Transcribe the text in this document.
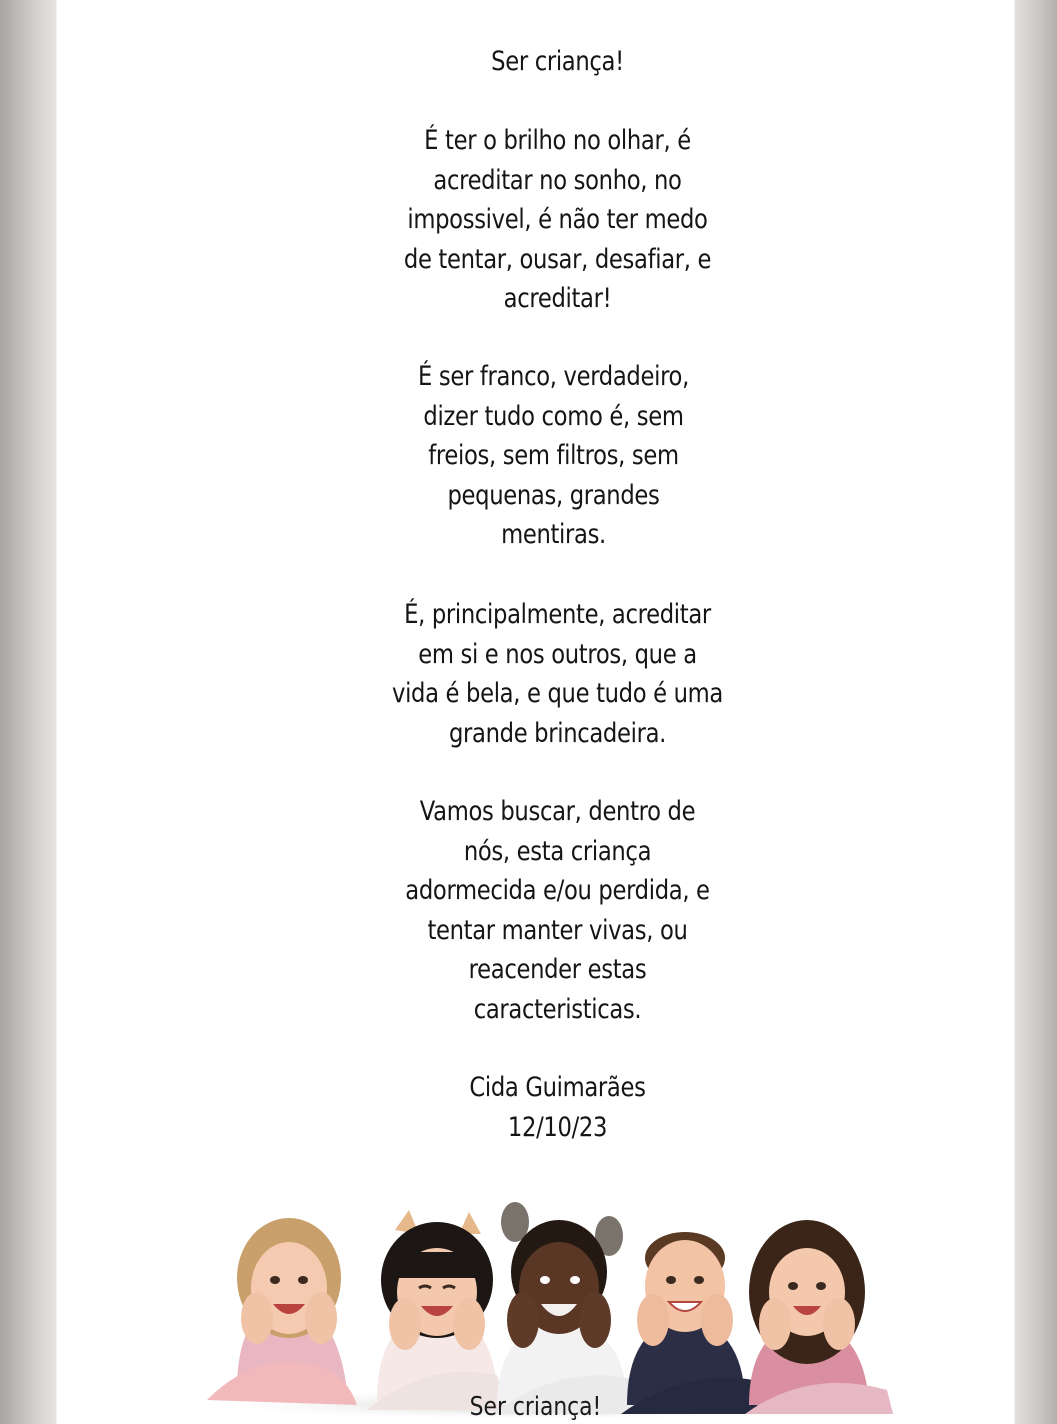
Ser criança!
É ter o brilho no olhar, é
acreditar no sonho, no
impossivel, é não ter medo
de tentar, ousar, desafiar, e
acreditar!
É ser franco, verdadeiro,
dizer tudo como é, sem
freios, sem filtros, sem
pequenas, grandes
mentiras.
É, principalmente, acreditar
em si e nos outros, que a
vida é bela, e que tudo é uma
grande brincadeira.
Vamos buscar, dentro de
nós, esta criança
adormecida e/ou perdida, e
tentar manter vivas, ou
reacender estas
caracteristicas.
Cida Guimarães
12/10/23
Ser criança!
